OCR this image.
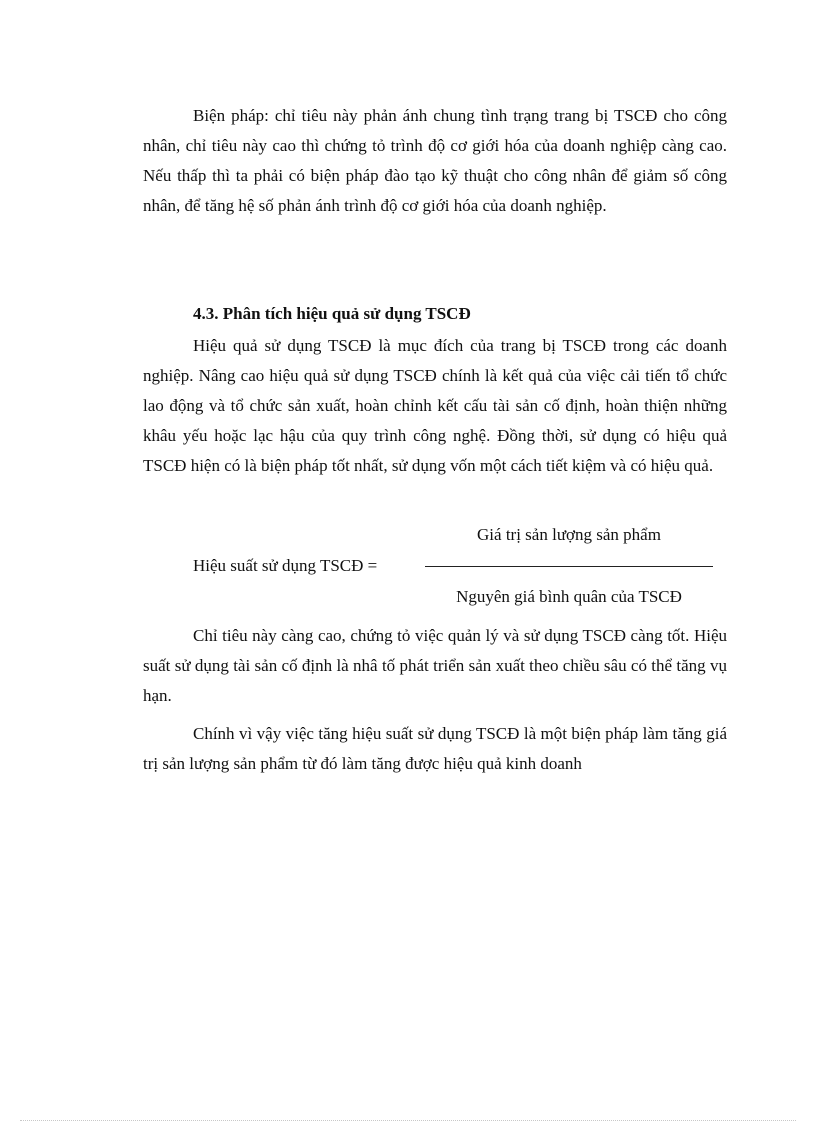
Biện pháp: chỉ tiêu này phản ánh chung tình trạng trang bị TSCĐ cho công nhân, chỉ tiêu này cao thì chứng tỏ trình độ cơ giới hóa của doanh nghiệp càng cao. Nếu thấp thì ta phải có biện pháp đào tạo kỹ thuật cho công nhân để giảm số công nhân, để tăng hệ số phản ánh trình độ cơ giới hóa của doanh nghiệp.

4.3. Phân tích hiệu quả sử dụng TSCĐ

Hiệu quả sử dụng TSCĐ là mục đích của trang bị TSCĐ trong các doanh nghiệp. Nâng cao hiệu quả sử dụng TSCĐ chính là kết quả của việc cải tiến tổ chức lao động và tổ chức sản xuất, hoàn chỉnh kết cấu tài sản cố định, hoàn thiện những khâu yếu hoặc lạc hậu của quy trình công nghệ. Đồng thời, sử dụng có hiệu quả TSCĐ hiện có là biện pháp tốt nhất, sử dụng vốn một cách tiết kiệm và có hiệu quả.

Hiệu suất sử dụng TSCĐ =
Giá trị sản lượng sản phẩm
Nguyên giá bình quân của TSCĐ

Chỉ tiêu này càng cao, chứng tỏ việc quản lý và sử dụng TSCĐ càng tốt. Hiệu suất sử dụng tài sản cố định là nhâ tố phát triển sản xuất theo chiều sâu có thể tăng vụ hạn.

Chính vì vậy việc tăng hiệu suất sử dụng TSCĐ là một biện pháp làm tăng giá trị sản lượng sản phẩm từ đó làm tăng được hiệu quả kinh doanh
